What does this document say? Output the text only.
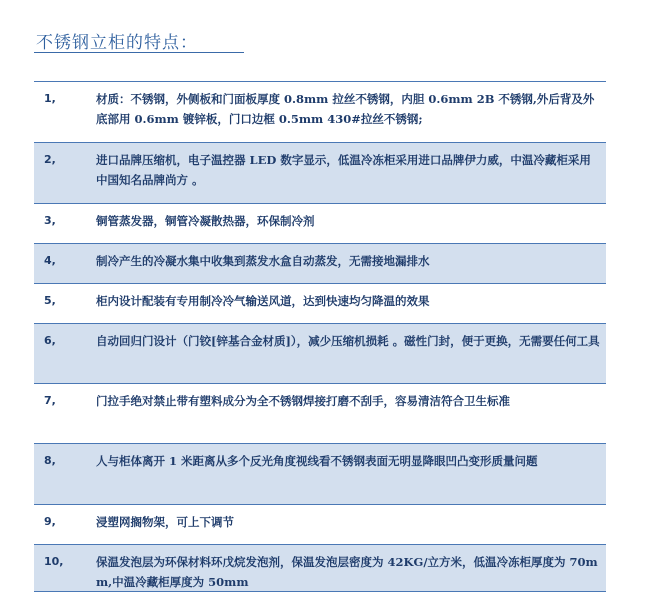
不锈钢立柜的特点：
1,	材质：不锈钢，外侧板和门面板厚度 0.8mm 拉丝不锈钢，内胆 0.6mm 2B 不锈钢,外后背及外底部用 0.6mm 镀锌板，门口边框 0.5mm 430#拉丝不锈钢;
2,	进口品牌压缩机，电子温控器 LED 数字显示，低温冷冻柜采用进口品牌伊力威，中温冷藏柜采用中国知名品牌尚方 。
3,	铜管蒸发器，铜管冷凝散热器，环保制冷剂
4,	制冷产生的冷凝水集中收集到蒸发水盒自动蒸发，无需接地漏排水
5,	柜内设计配装有专用制冷冷气输送风道，达到快速均匀降温的效果
6,	自动回归门设计（门铰[锌基合金材质]），减少压缩机损耗 。磁性门封，便于更换，无需要任何工具
7,	门拉手绝对禁止带有塑料成分为全不锈钢焊接打磨不刮手，容易清洁符合卫生标准
8,	人与柜体离开 1 米距离从多个反光角度视线看不锈钢表面无明显降眼凹凸变形质量问题
9,	浸塑网搁物架，可上下调节
10,	保温发泡层为环保材料环戊烷发泡剂，保温发泡层密度为 42KG/立方米，低温冷冻柜厚度为 70mm,中温冷藏柜厚度为 50mm
